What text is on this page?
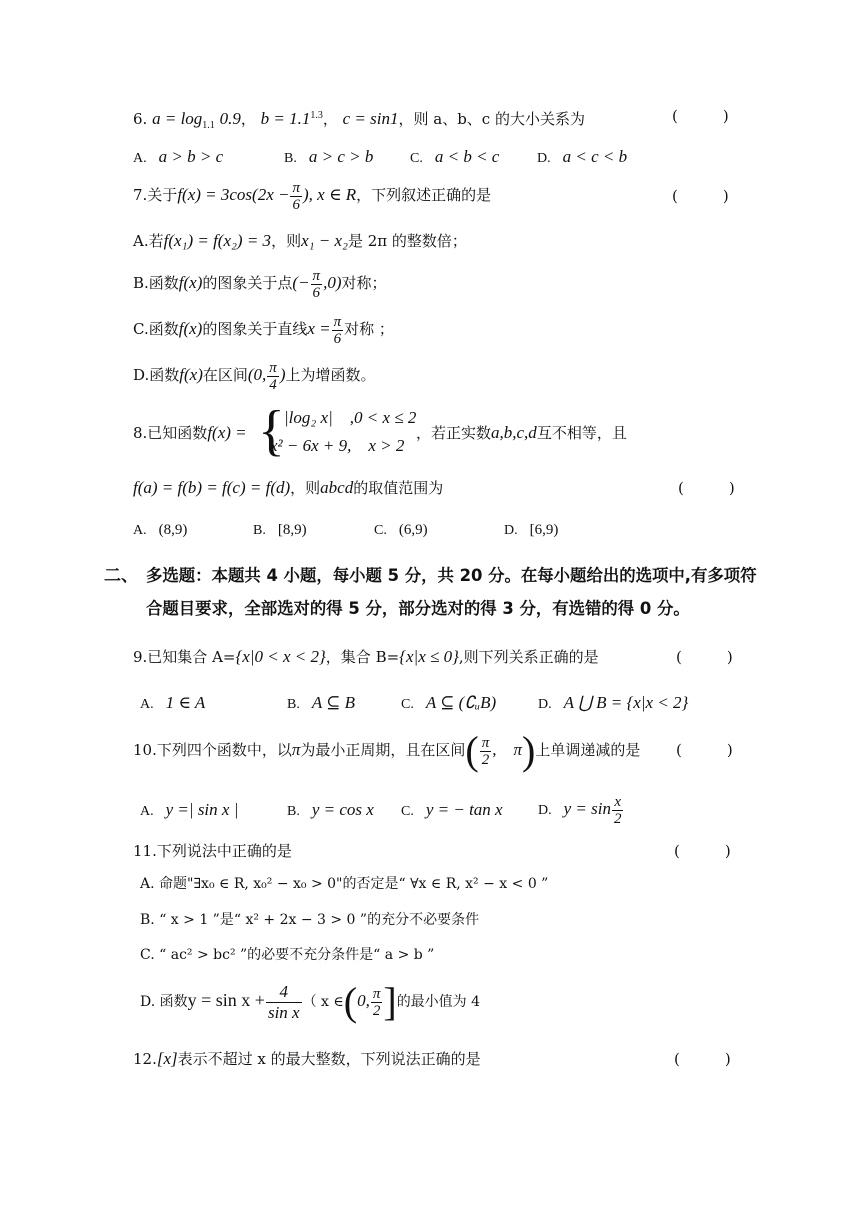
6. $a = \log_{1.1} 0.9$， $b = 1.1^{1.3}$， c = sin1，则 a、b、c 的大小关系为	(　　　)
A. a > b > c	B. a > c > b	C. a < b < c	D. a < c < b
7.关于$f(x) = 3\cos(2x - \frac{\pi}{6}$ ), x ∈ R，下列叙述正确的是	(　　　)
A.若f(x₁) = f(x₂) = 3，则x₁ − x₂是 2π 的整数倍；
B.函数f(x)的图象关于点(− $\frac{\pi}{6} ,0$)对称；
C.函数f(x)的图象关于直线$x = \frac{\pi}{6}$ 对称 ；
D.函数f(x)在区间(0, $\frac{\pi}{4}$ )上为增函数。
8.已知函数f(x) = { |log₂ x|　,0 < x ≤ 2
x² − 6x + 9,　x > 2
，若正实数a,b,c,d互不相等，且
f(a) = f(b) = f(c) = f(d)，则abcd的取值范围为	(　　　)
A. (8,9)	B. [8,9)	C. (6,9)	D. [6,9)
二、 多选题：本题共 4 小题，每小题 5 分，共 20 分。在每小题给出的选项中,有多项符
合题目要求，全部选对的得 5 分，部分选对的得 3 分，有选错的得 0 分。
9.已知集合 A={x|0 < x < 2}，集合 B={x|x ≤ 0},则下列关系正确的是	(　　　)
A. 1 ∈ A	B. A ⊆ B	C. A ⊆ (∁ᵤB)	D. A ⋃ B = {x|x < 2}
10.下列四个函数中，以π为最小正周期，且在区间( $\frac{\pi}{2}$ ,　π)上单调递减的是 (　　　)
A. y =| sin x |	B. y = cos x C. y = − tan x	D. $y = \sin \frac{x}{2}$
11.下列说法中正确的是	(　　　)
A. 命题"∃x₀ ∈ R, x₀² − x₀ > 0"的否定是“ ∀x ∈ R, x² − x < 0 ”
B. “ x > 1 ”是“ x² + 2x − 3 > 0 ”的充分不必要条件
C. “ ac² > bc² ”的必要不充分条件是“ a > b ”
D. 函数$y = \sin x + \frac{4}{\text{sin x}}$ （ x ∈(0, $\frac{\pi}{2}$ ]的最小值为 4
12.[x]表示不超过 x 的最大整数，下列说法正确的是	(　　　)
